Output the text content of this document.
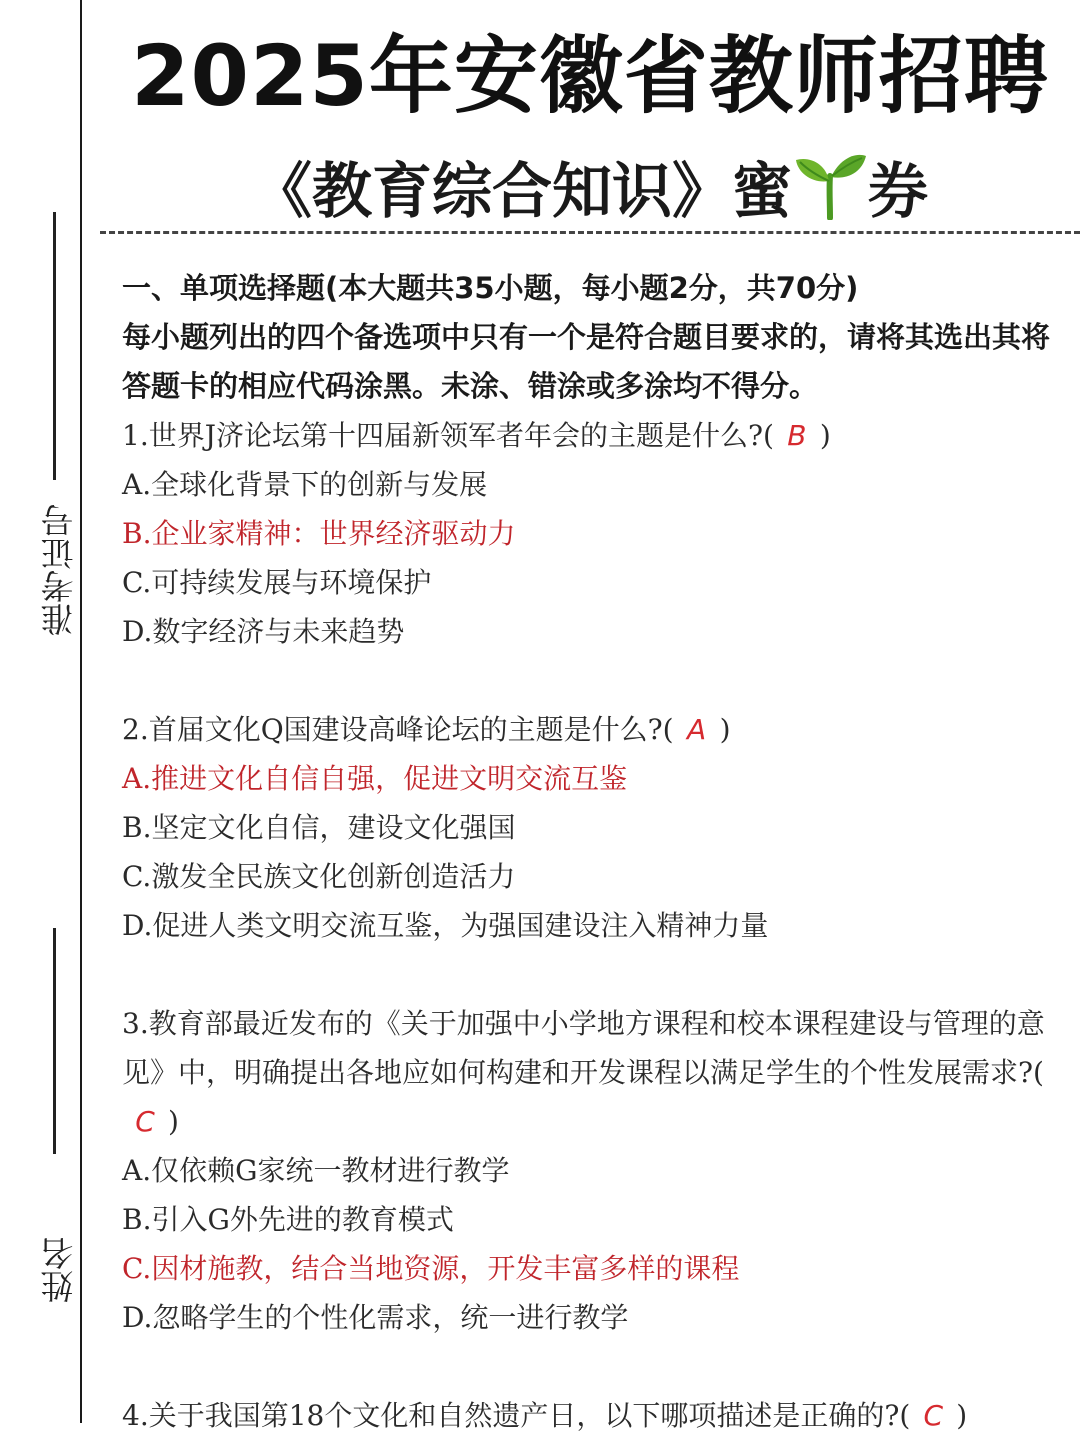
准考证号
姓名
2025年安徽省教师招聘
《教育综合知识》蜜 券

一、单项选择题(本大题共35小题，每小题2分，共70分)

每小题列出的四个备选项中只有一个是符合题目要求的，请将其选出其将答题卡的相应代码涂黑。未涂、错涂或多涂均不得分。

1.世界J济论坛第十四届新领军者年会的主题是什么?( B )

A.全球化背景下的创新与发展

B.企业家精神：世界经济驱动力

C.可持续发展与环境保护

D.数字经济与未来趋势

2.首届文化Q国建设高峰论坛的主题是什么?( A )

A.推进文化自信自强，促进文明交流互鉴

B.坚定文化自信，建设文化强国

C.激发全民族文化创新创造活力

D.促进人类文明交流互鉴，为强国建设注入精神力量

3.教育部最近发布的《关于加强中小学地方课程和校本课程建设与管理的意见》中，明确提出各地应如何构建和开发课程以满足学生的个性发展需求?(C )

A.仅依赖G家统一教材进行教学

B.引入G外先进的教育模式

C.因材施教，结合当地资源，开发丰富多样的课程

D.忽略学生的个性化需求，统一进行教学

4.关于我国第18个文化和自然遗产日，以下哪项描述是正确的?( C )
